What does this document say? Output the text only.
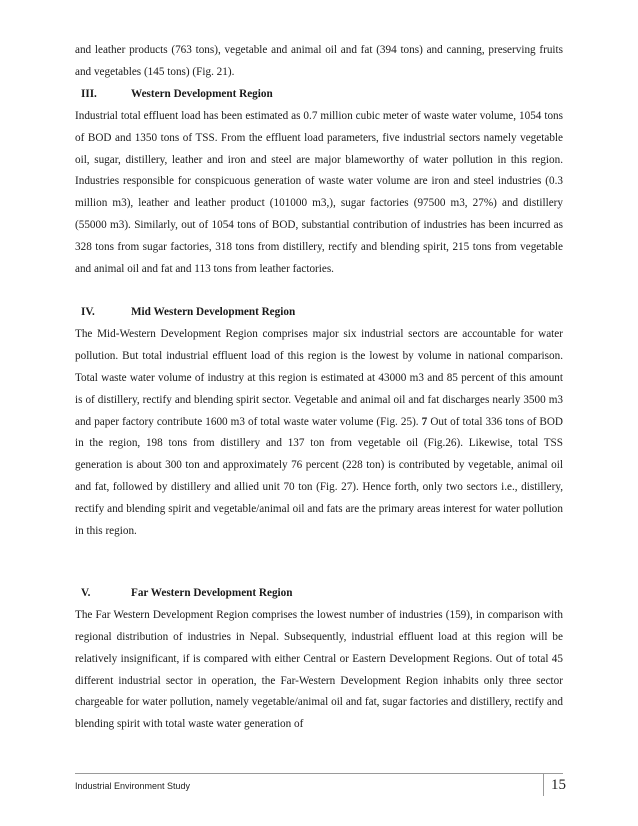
and leather products (763 tons), vegetable and animal oil and fat (394 tons) and canning, preserving fruits and vegetables (145 tons) (Fig. 21).

III.	Western Development Region

Industrial total effluent load has been estimated as 0.7 million cubic meter of waste water volume, 1054 tons of BOD and 1350 tons of TSS. From the effluent load parameters, five industrial sectors namely vegetable oil, sugar, distillery, leather and iron and steel are major blameworthy of water pollution in this region. Industries responsible for conspicuous generation of waste water volume are iron and steel industries (0.3 million m3), leather and leather product (101000 m3,), sugar factories (97500 m3, 27%) and distillery (55000 m3). Similarly, out of 1054 tons of BOD, substantial contribution of industries has been incurred as 328 tons from sugar factories, 318 tons from distillery, rectify and blending spirit, 215 tons from vegetable and animal oil and fat and 113 tons from leather factories.

IV.	Mid Western Development Region

The Mid-Western Development Region comprises major six industrial sectors are accountable for water pollution. But total industrial effluent load of this region is the lowest by volume in national comparison. Total waste water volume of industry at this region is estimated at 43000 m3 and 85 percent of this amount is of distillery, rectify and blending spirit sector. Vegetable and animal oil and fat discharges nearly 3500 m3 and paper factory contribute 1600 m3 of total waste water volume (Fig. 25). 7 Out of total 336 tons of BOD in the region, 198 tons from distillery and 137 ton from vegetable oil (Fig.26). Likewise, total TSS generation is about 300 ton and approximately 76 percent (228 ton) is contributed by vegetable, animal oil and fat, followed by distillery and allied unit 70 ton (Fig. 27). Hence forth, only two sectors i.e., distillery, rectify and blending spirit and vegetable/animal oil and fats are the primary areas interest for water pollution in this region.

V.	Far Western Development Region

The Far Western Development Region comprises the lowest number of industries (159), in comparison with regional distribution of industries in Nepal. Subsequently, industrial effluent load at this region will be relatively insignificant, if is compared with either Central or Eastern Development Regions. Out of total 45 different industrial sector in operation, the Far-Western Development Region inhabits only three sector chargeable for water pollution, namely vegetable/animal oil and fat, sugar factories and distillery, rectify and blending spirit with total waste water generation of

Industrial Environment Study	15
